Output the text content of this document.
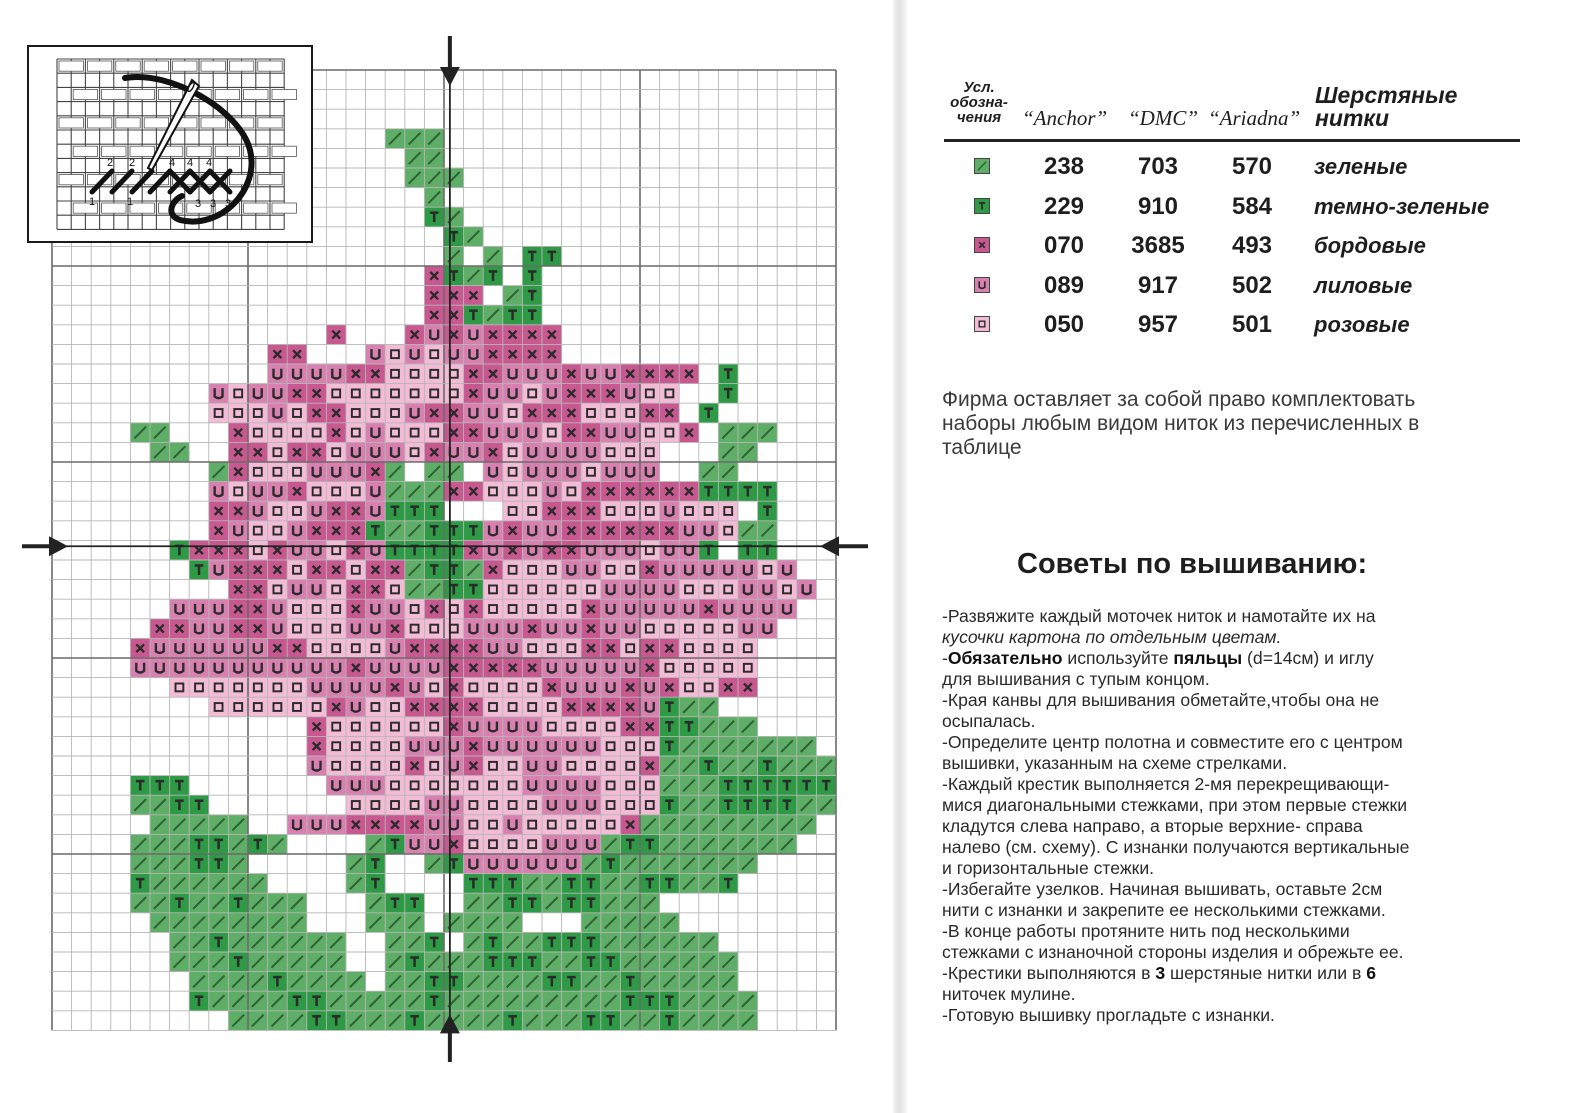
1
2 2
1
4 4 4
3 3 3
Усл.
обозна-
чения “Anchor” “DMC” “Ariadna”
Шерстяные
нитки
238	703	570	зеленые
229	910	584	темно-зеленые
070	3685	493	бордовые
089	917	502	лиловые
050	957	501	розовые
Фирма оставляет за собой право комплектовать
наборы любым видом ниток из перечисленных в
таблице
Советы по вышиванию:
-Развяжите каждый моточек ниток и намотайте их на
кусочки картона по отдельным цветам.
-Обязательно используйте пяльцы (d=14см) и иглу
для вышивания с тупым концом.
-Края канвы для вышивания обметайте,чтобы она не
осыпалась.
-Определите центр полотна и совместите его с центром
вышивки, указанным на схеме стрелками.
-Каждый крестик выполняется 2-мя перекрещивающи-
мися диагональными стежками, при этом первые стежки
кладутся слева направо, а вторые верхние- справа
налево (см. схему). С изнанки получаются вертикальные
и горизонтальные стежки.
-Избегайте узелков. Начиная вышивать, оставьте 2см
нити с изнанки и закрепите ее несколькими стежками.
-В конце работы протяните нить под несколькими
стежками с изнаночной стороны изделия и обрежьте ее.
-Крестики выполняются в 3 шерстяные нитки или в 6
ниточек мулине.
-Готовую вышивку прогладьте с изнанки.
